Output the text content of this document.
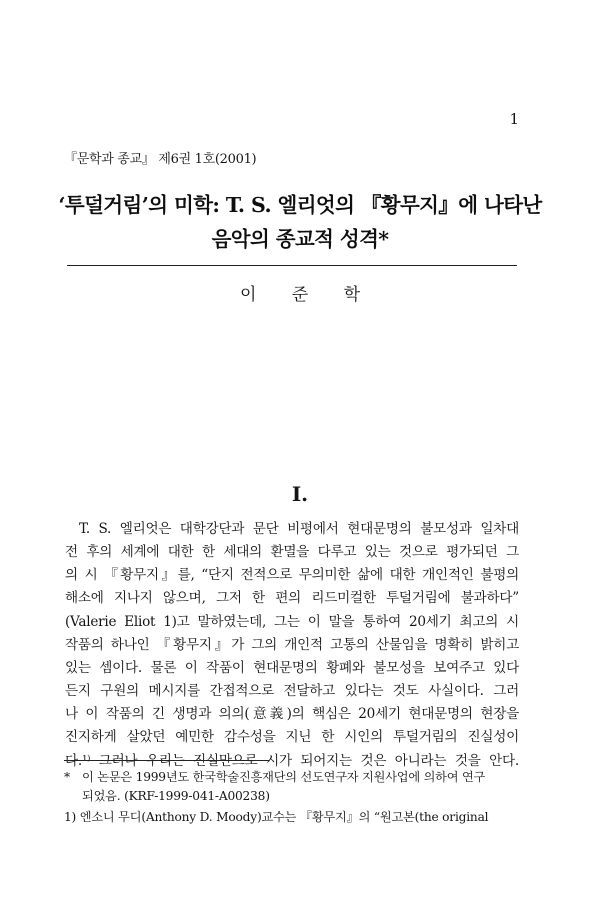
1
『문학과 종교』 제6권 1호(2001)
‘투덜거림’의 미학: T. S. 엘리엇의 『황무지』에 나타난
음악의 종교적 성격*
이 준 학
I.
T. S. 엘리엇은 대학강단과 문단 비평에서 현대문명의 불모성과 일차대
전 후의 세계에 대한 한 세대의 환멸을 다루고 있는 것으로 평가되던 그
의 시 『황무지』를, “단지 전적으로 무의미한 삶에 대한 개인적인 불평의
해소에 지나지 않으며, 그저 한 편의 리드미컬한 투덜거림에 불과하다”
(Valerie Eliot 1)고 말하였는데, 그는 이 말을 통하여 20세기 최고의 시
작품의 하나인 『황무지』가 그의 개인적 고통의 산물임을 명확히 밝히고
있는 셈이다. 물론 이 작품이 현대문명의 황폐와 불모성을 보여주고 있다
든지 구원의 메시지를 간접적으로 전달하고 있다는 것도 사실이다. 그러
나 이 작품의 긴 생명과 의의(意義)의 핵심은 20세기 현대문명의 현장을
진지하게 살았던 예민한 감수성을 지닌 한 시인의 투덜거림의 진실성이
다.¹⁾ 그러나 우리는 진실만으로 시가 되어지는 것은 아니라는 것을 안다.
* 이 논문은 1999년도 한국학술진흥재단의 선도연구자 지원사업에 의하여 연구
되었음. (KRF-1999-041-A00238)
1) 엔소니 무디(Anthony D. Moody)교수는 『황무지』의 “원고본(the original
